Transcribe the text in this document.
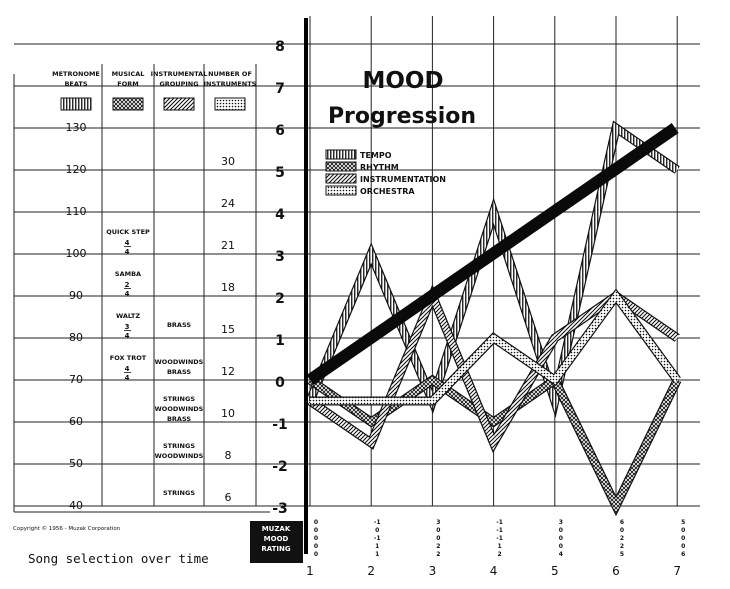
METRONOME
BEATS
MUSICAL
FORM
INSTRUMENTAL
GROUPING
NUMBER OF
INSTRUMENTS
130
120
30
110
24
100
21
QUICK STEP
4
4
90
18
SAMBA
2
4
80
15
WALTZ
3
4
BRASS
70
12
FOX TROT
4
4
WOODWINDS
BRASS
60
10
STRINGS
WOODWINDS
BRASS
50
8
STRINGS
WOODWINDS
40
6
STRINGS
8
7
6
5
4
3
2
1
0
-1
-2
-3
MUZAK
MOOD
RATING
MOOD
Progression
TEMPO
RHYTHM
INSTRUMENTATION
ORCHESTRA
1
0
0
0
0
0
2
-1
0
-1
1
1
3
3
0
0
2
2
4
-1
-1
-1
1
2
5
3
0
0
0
4
6
6
0
2
2
5
7
5
0
0
0
6
Copyright © 1956 - Muzak Corporation
Song selection over time
